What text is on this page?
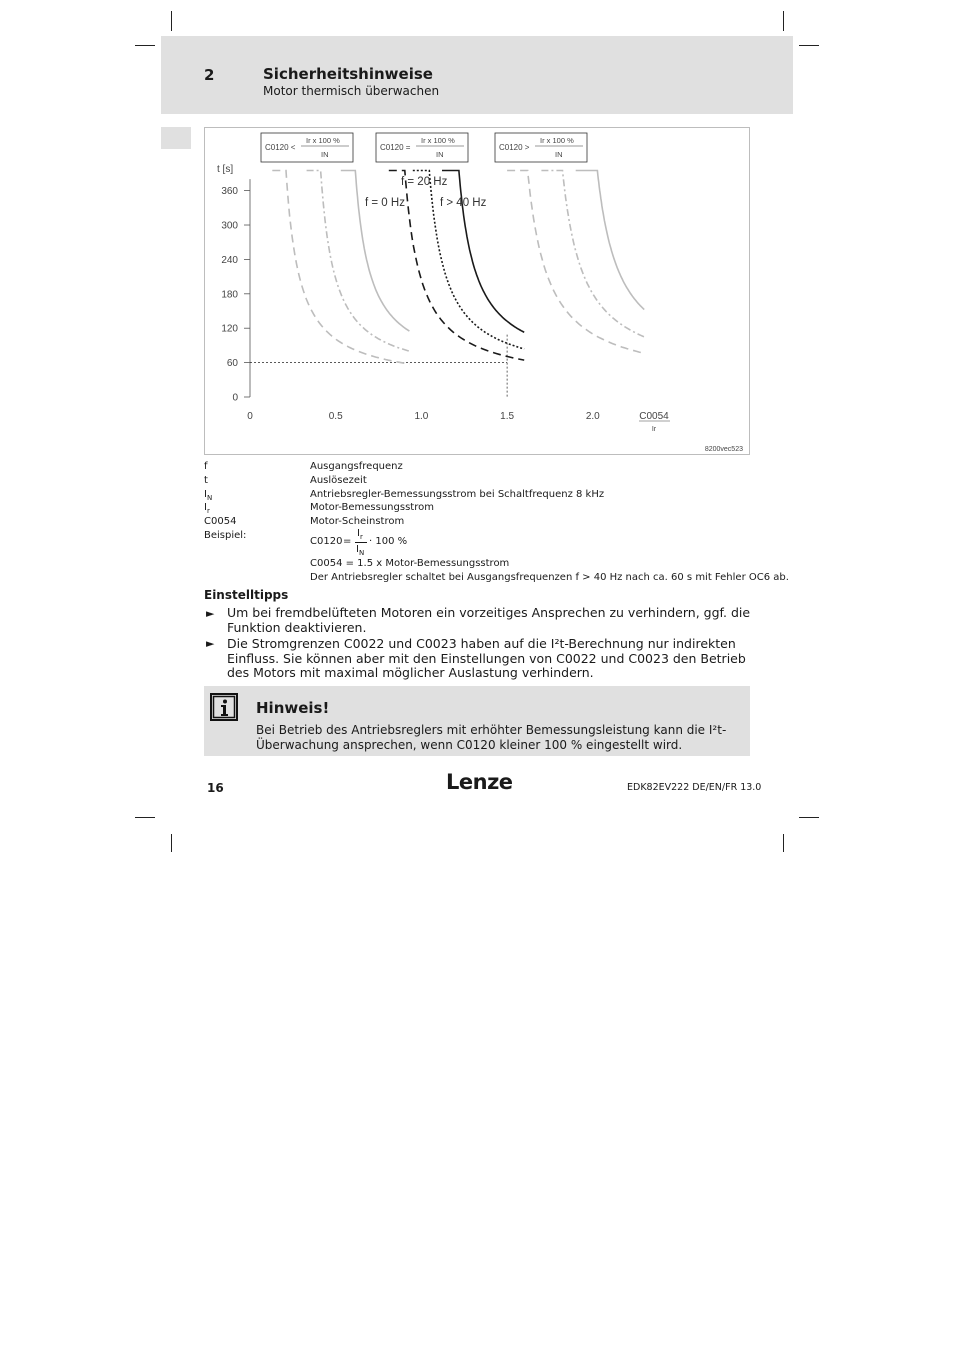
2	Sicherheitshinweise
Motor thermisch überwachen
C0120 <
Ir x 100 %
IN
C0120 =
Ir x 100 %
IN
C0120 >
Ir x 100 %
IN
t [s]
0
60
120
180
240
300
360
0	0.5	1.0	1.5	2.0	C0054
Ir
f = 20 Hz
f = 0 Hz	f > 40 Hz
8200vec523
f	Ausgangsfrequenz
t	Auslösezeit
$I_N$	Antriebsregler-Bemessungsstrom bei Schaltfrequenz 8 kHz
$I_r$	Motor-Bemessungsstrom
C0054	Motor-Scheinstrom
Beispiel:
C0120 =
$I_r$
$I_N$
· 100 %
C0054 = 1.5 x Motor-Bemessungsstrom
Der Antriebsregler schaltet bei Ausgangsfrequenzen f > 40 Hz nach ca. 60 s mit Fehler OC6 ab.
Einstelltipps
► Um bei fremdbelüfteten Motoren ein vorzeitiges Ansprechen zu verhindern, ggf. die Funktion deaktivieren.
► Die Stromgrenzen C0022 und C0023 haben auf die I²t-Berechnung nur indirekten Einfluss. Sie können aber mit den Einstellungen von C0022 und C0023 den Betrieb des Motors mit maximal möglicher Auslastung verhindern.
Hinweis!
Bei Betrieb des Antriebsreglers mit erhöhter Bemessungsleistung kann die I²t-Überwachung ansprechen, wenn C0120 kleiner 100 % eingestellt wird.
16	Lenze	EDK82EV222 DE/EN/FR 13.0
